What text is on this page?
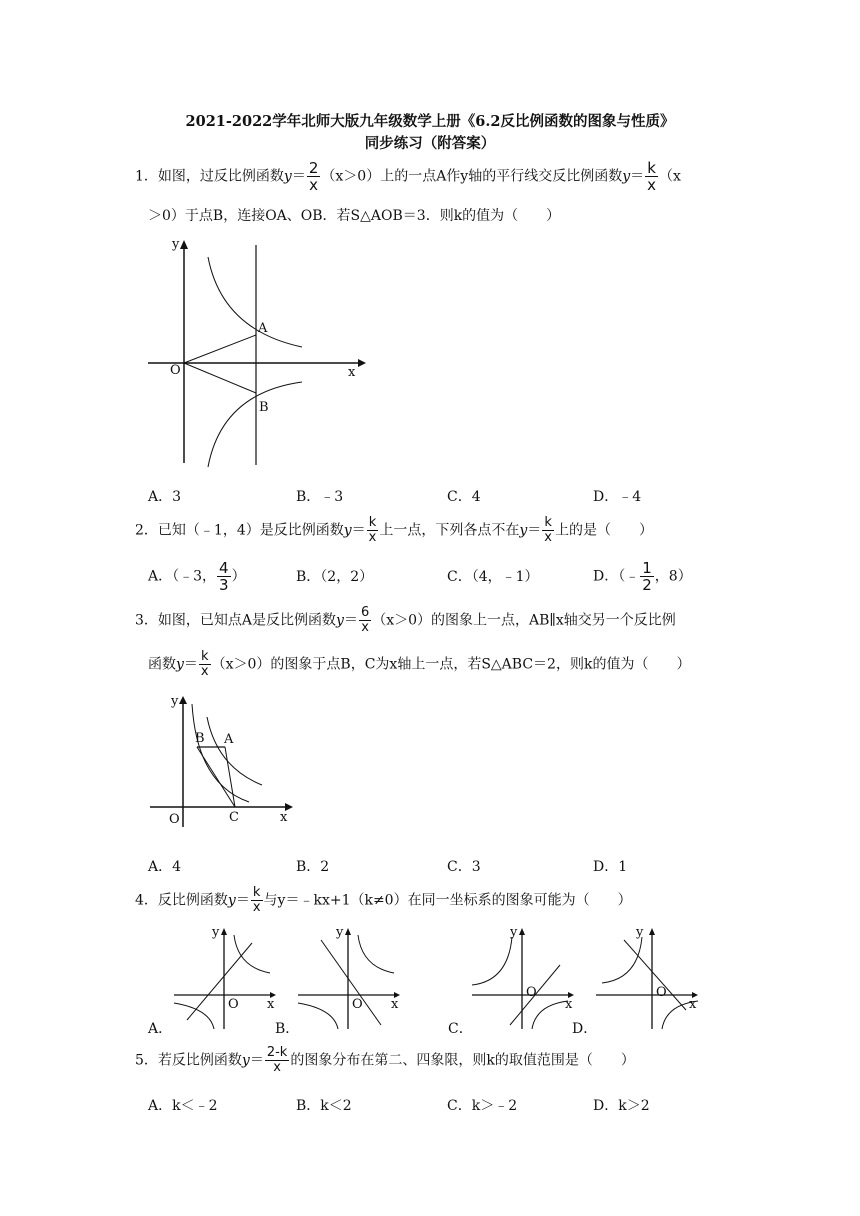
2021-2022学年北师大版九年级数学上册《6.2反比例函数的图象与性质》
同步练习（附答案）
1．如图，过反比例函数$y= \frac{2}{x} (x>0)$上的一点A作y轴的平行线交反比例函数$y= \frac{k}{x} (x$
＞0）于点B，连接OA、OB．若S△AOB＝3．则k的值为（　　）
y
x
O
A
B
A．3	B．﹣3	C．4	D．﹣4
2．已知（﹣1，4）是反比例函数$y= \frac{k}{x}$ 上一点，下列各点不在$y= \frac{k}{x}$ 上的是（　　）
A．（﹣3， $\frac{4}{3}$ ）	B．（2，2）	C．（4，﹣1）	D．（﹣ $\frac{1}{2}$ ，8）
3．如图，已知点A是反比例函数$y= \frac{6}{x} (x>0)$的图象上一点，AB∥x轴交另一个反比例
函数$y= \frac{k}{x} (x>0)$的图象于点B，C为x轴上一点，若S△ABC＝2，则k的值为（　　）
y
x
O
B A
C
A．4	B．2	C．3	D．1
4．反比例函数$y= \frac{k}{x}$ 与y＝﹣kx+1（k≠0）在同一坐标系的图象可能为（　　）
y
x
O
y
x
O
y
x
O
y
x
O
A．	B．	C．	D．
5．若反比例函数$y= \frac{2-k}{x}$ 的图象分布在第二、四象限，则k的取值范围是（　　）
A．k＜﹣2	B．k＜2	C．k＞﹣2	D．k＞2
